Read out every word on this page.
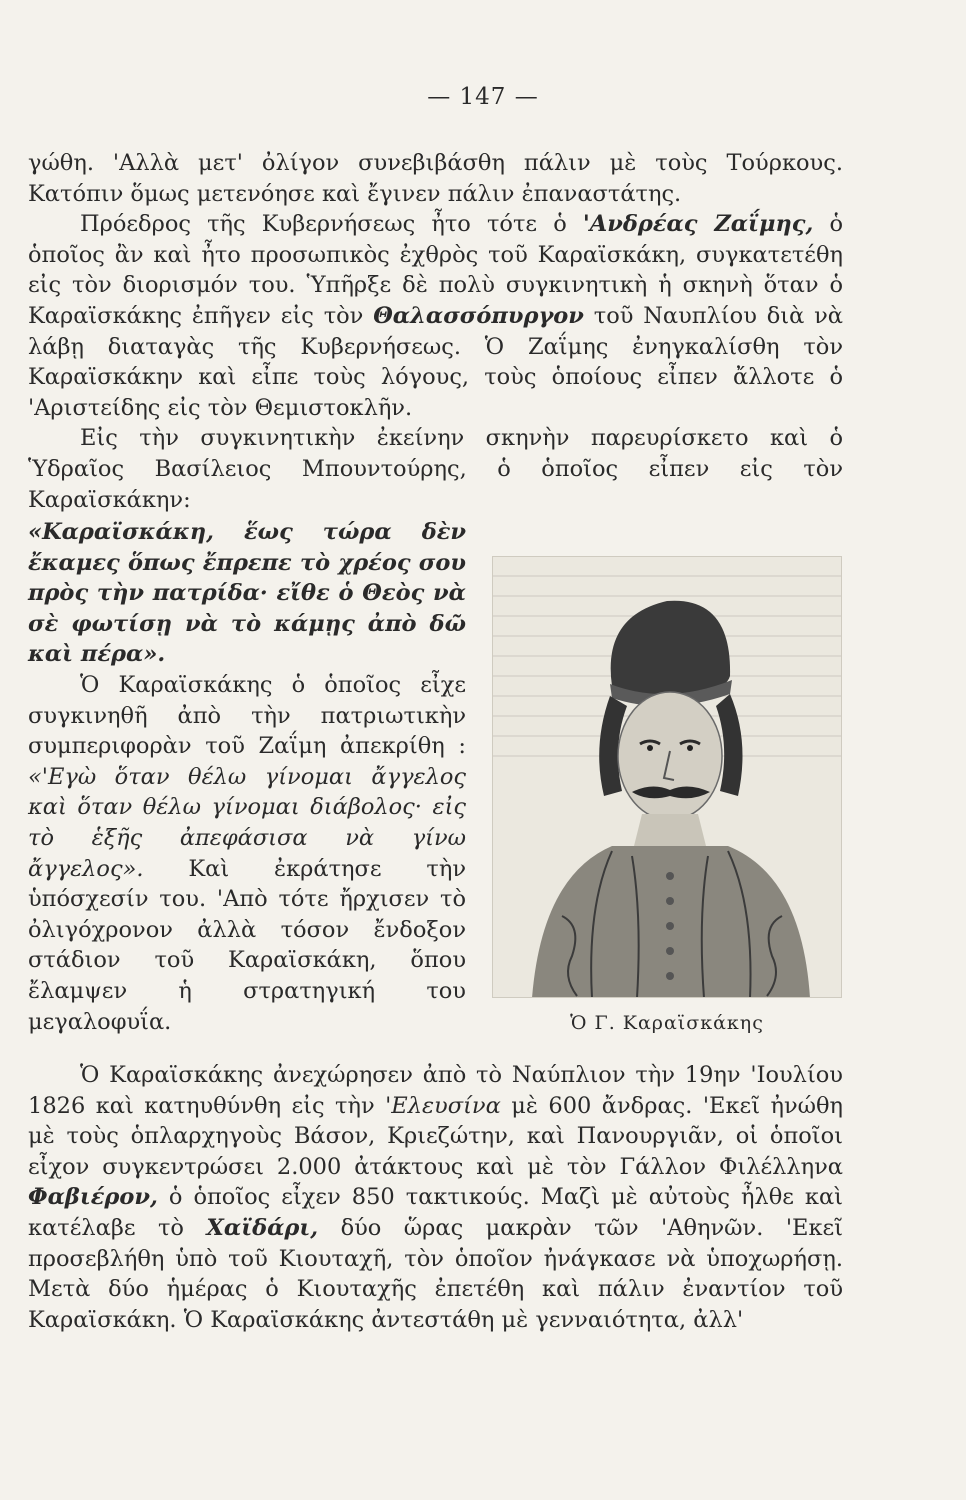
— 147 —

γώθη. 'Αλλὰ μετ' ὀλίγον συνεβιβάσθη πάλιν μὲ τοὺς Τούρκους. Κατόπιν ὅμως μετενόησε καὶ ἔγινεν πάλιν ἐπαναστάτης.

Πρόεδρος τῆς Κυβερνήσεως ἦτο τότε ὁ 'Ανδρέας Ζαΐμης, ὁ ὁποῖος ἂν καὶ ἦτο προσωπικὸς ἐχθρὸς τοῦ Καραϊσκάκη, συγκατετέθη εἰς τὸν διορισμόν του. Ὑπῆρξε δὲ πολὺ συγκινητικὴ ἡ σκηνὴ ὅταν ὁ Καραϊσκάκης ἐπῆγεν εἰς τὸν Θαλασσόπυργον τοῦ Ναυπλίου διὰ νὰ λάβῃ διαταγὰς τῆς Κυβερνήσεως. Ὁ Ζαΐμης ἐνηγκαλίσθη τὸν Καραϊσκάκην καὶ εἶπε τοὺς λόγους, τοὺς ὁποίους εἶπεν ἄλλοτε ὁ 'Αριστείδης εἰς τὸν Θεμιστοκλῆν.

Εἰς τὴν συγκινητικὴν ἐκείνην σκηνὴν παρευρίσκετο καὶ ὁ Ὑδραῖος Βασίλειος Μπουντούρης, ὁ ὁποῖος εἶπεν εἰς τὸν Καραϊσκάκην:

«Καραϊσκάκη, ἕως τώρα δὲν ἔκαμες ὅπως ἔπρεπε τὸ χρέος σου πρὸς τὴν πατρίδα· εἴθε ὁ Θεὸς νὰ σὲ φωτίσῃ νὰ τὸ κάμῃς ἀπὸ δῶ καὶ πέρα».

Ὁ Καραϊσκάκης ὁ ὁποῖος εἶχε συγκινηθῆ ἀπὸ τὴν πατριωτικὴν συμπεριφορὰν τοῦ Ζαΐμη ἀπεκρίθη : «'Εγὼ ὅταν θέλω γίνομαι ἄγγελος καὶ ὅταν θέλω γίνομαι διάβολος· εἰς τὸ ἑξῆς ἀπεφάσισα νὰ γίνω ἄγγελος». Καὶ ἐκράτησε τὴν ὑπόσχεσίν του. 'Απὸ τότε ἤρχισεν τὸ ὀλιγόχρονον ἀλλὰ τόσον ἔνδοξον στάδιον τοῦ Καραϊσκάκη, ὅπου ἔλαμψεν ἡ στρατηγική του μεγαλοφυΐα.	Ὁ Γ. Καραϊσκάκης

Ὁ Καραϊσκάκης ἀνεχώρησεν ἀπὸ τὸ Ναύπλιον τὴν 19ην 'Ιουλίου 1826 καὶ κατηυθύνθη εἰς τὴν 'Ελευσίνα μὲ 600 ἄνδρας. 'Εκεῖ ἠνώθη μὲ τοὺς ὁπλαρχηγοὺς Βάσον, Κριεζώτην, καὶ Πανουργιᾶν, οἱ ὁποῖοι εἶχον συγκεντρώσει 2.000 ἀτάκτους καὶ μὲ τὸν Γάλλον Φιλέλληνα Φαβιέρον, ὁ ὁποῖος εἶχεν 850 τακτικούς. Μαζὶ μὲ αὐτοὺς ἦλθε καὶ κατέλαβε τὸ Χαϊδάρι, δύο ὥρας μακρὰν τῶν 'Αθηνῶν. 'Εκεῖ προσεβλήθη ὑπὸ τοῦ Κιουταχῆ, τὸν ὁποῖον ἠνάγκασε νὰ ὑποχωρήσῃ. Μετὰ δύο ἡμέρας ὁ Κιουταχῆς ἐπετέθη καὶ πάλιν ἐναντίον τοῦ Καραϊσκάκη. Ὁ Καραϊσκάκης ἀντεστάθη μὲ γενναιότητα, ἀλλ'
